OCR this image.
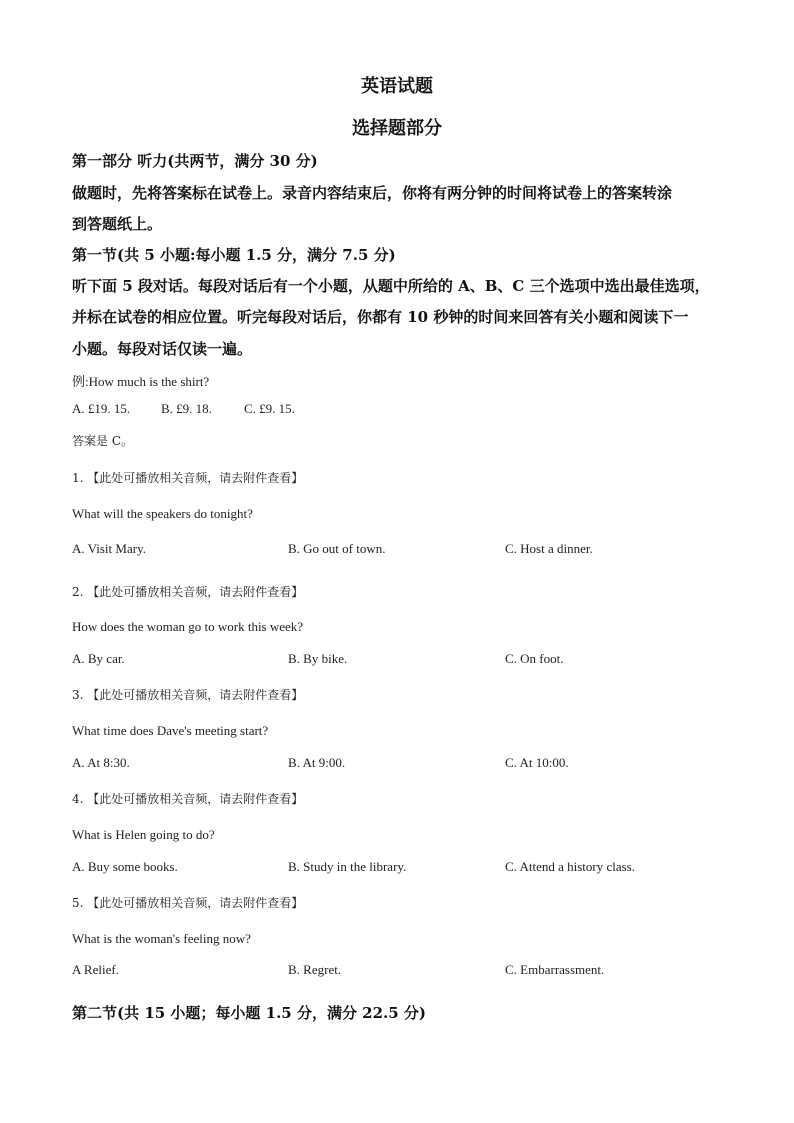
英语试题
选择题部分
第一部分 听力(共两节，满分 30 分)
做题时，先将答案标在试卷上。录音内容结束后，你将有两分钟的时间将试卷上的答案转涂
到答题纸上。
第一节(共 5 小题:每小题 1.5 分，满分 7.5 分)
听下面 5 段对话。每段对话后有一个小题，从题中所给的 A、B、C 三个选项中选出最佳选项，
并标在试卷的相应位置。听完每段对话后，你都有 10 秒钟的时间来回答有关小题和阅读下一
小题。每段对话仅读一遍。
例:How much is the shirt?
A. £19. 15. B. £9. 18. C. £9. 15.
答案是 C。
1. 【此处可播放相关音频，请去附件查看】
What will the speakers do tonight?
A. Visit Mary.	B. Go out of town.	C. Host a dinner.
2. 【此处可播放相关音频，请去附件查看】
How does the woman go to work this week?
A. By car.	B. By bike.	C. On foot.
3. 【此处可播放相关音频，请去附件查看】
What time does Dave's meeting start?
A. At 8:30.	B. At 9:00.	C. At 10:00.
4. 【此处可播放相关音频，请去附件查看】
What is Helen going to do?
A. Buy some books.	B. Study in the library.	C. Attend a history class.
5. 【此处可播放相关音频，请去附件查看】
What is the woman's feeling now?
A Relief.	B. Regret.	C. Embarrassment.
第二节(共 15 小题；每小题 1.5 分，满分 22.5 分)
